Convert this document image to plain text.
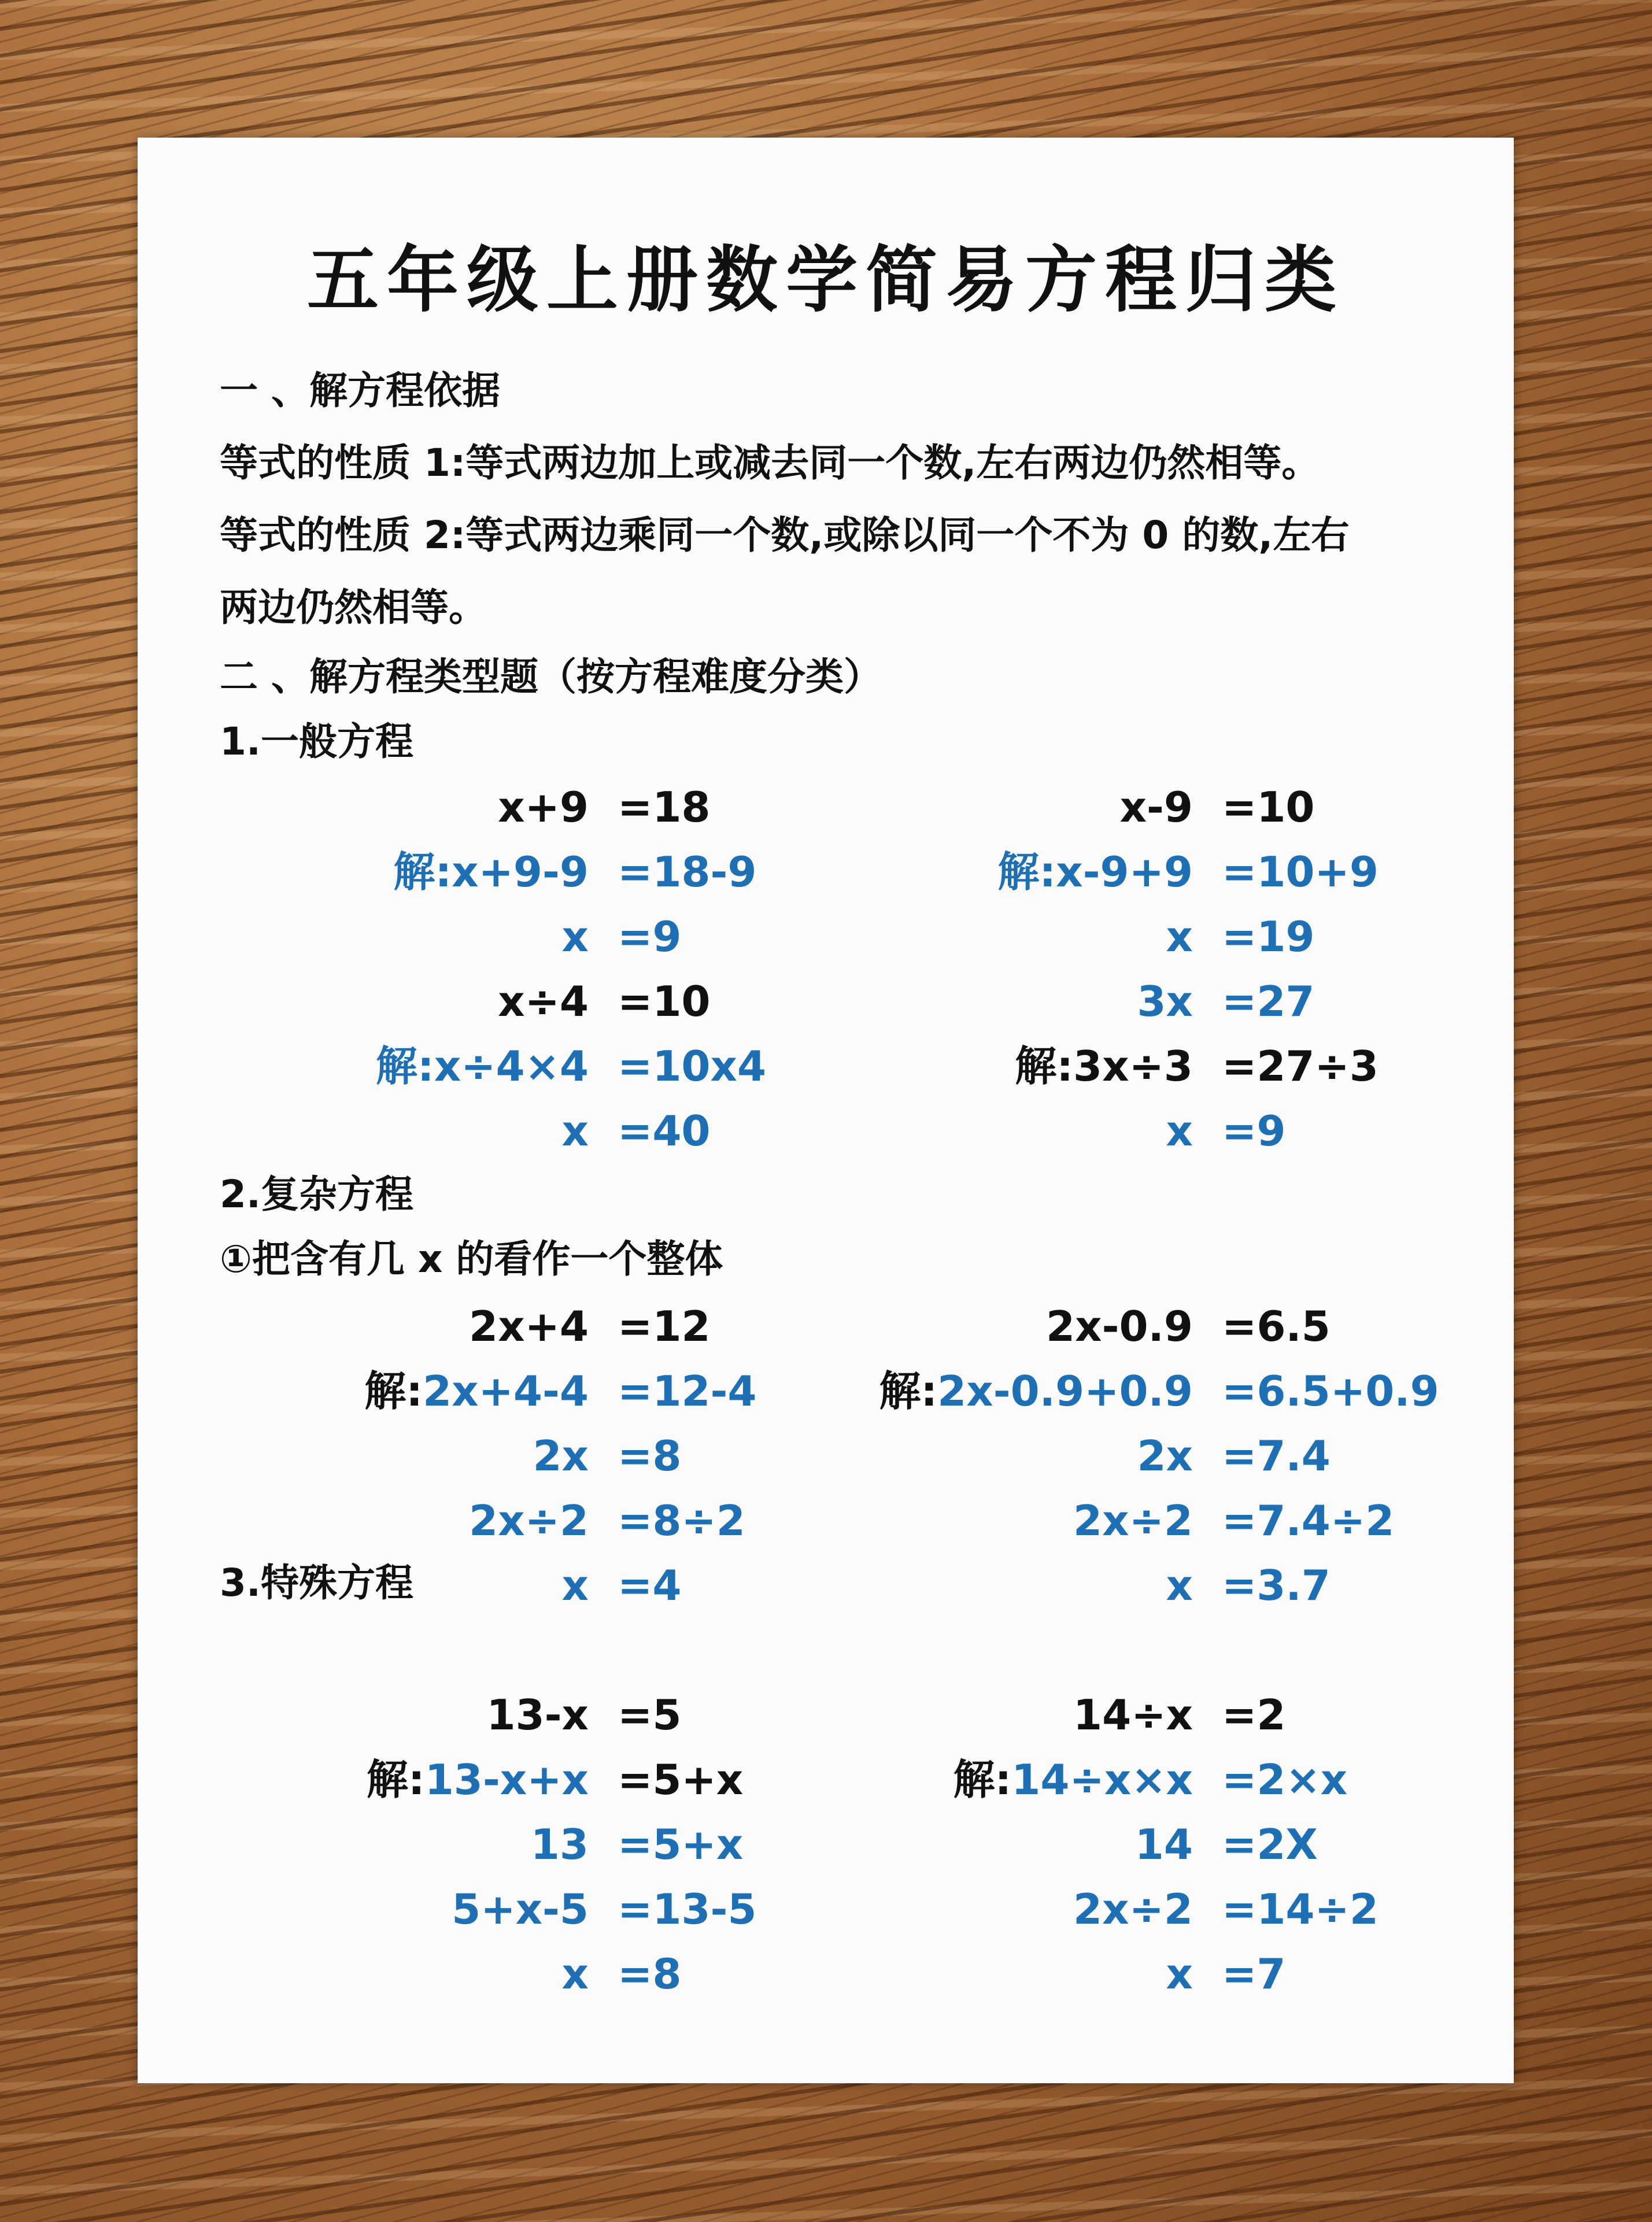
五年级上册数学简易方程归类
一 、解方程依据
等式的性质 1:等式两边加上或减去同一个数,左右两边仍然相等。
等式的性质 2:等式两边乘同一个数,或除以同一个不为 0 的数,左右
两边仍然相等。
二 、解方程类型题（按方程难度分类）
1.一般方程
2.复杂方程
①把含有几 x 的看作一个整体
3.特殊方程
x+9 =18
解:x+9-9 =18-9
x =9
x÷4 =10
解:x÷4×4 =10x4
x =40
x-9 =10
解:x-9+9 =10+9
x =19
3x =27
解:3x÷3 =27÷3
x =9
2x+4 =12
解:2x+4-4 =12-4
2x =8
2x÷2 =8÷2
x =4
2x-0.9 =6.5
解:2x-0.9+0.9 =6.5+0.9
2x =7.4
2x÷2 =7.4÷2
x =3.7
13-x =5
解:13-x+x =5+x
13 =5+x
5+x-5 =13-5
x =8
14÷x =2
解:14÷x×x =2×x
14 =2X
2x÷2 =14÷2
x =7
